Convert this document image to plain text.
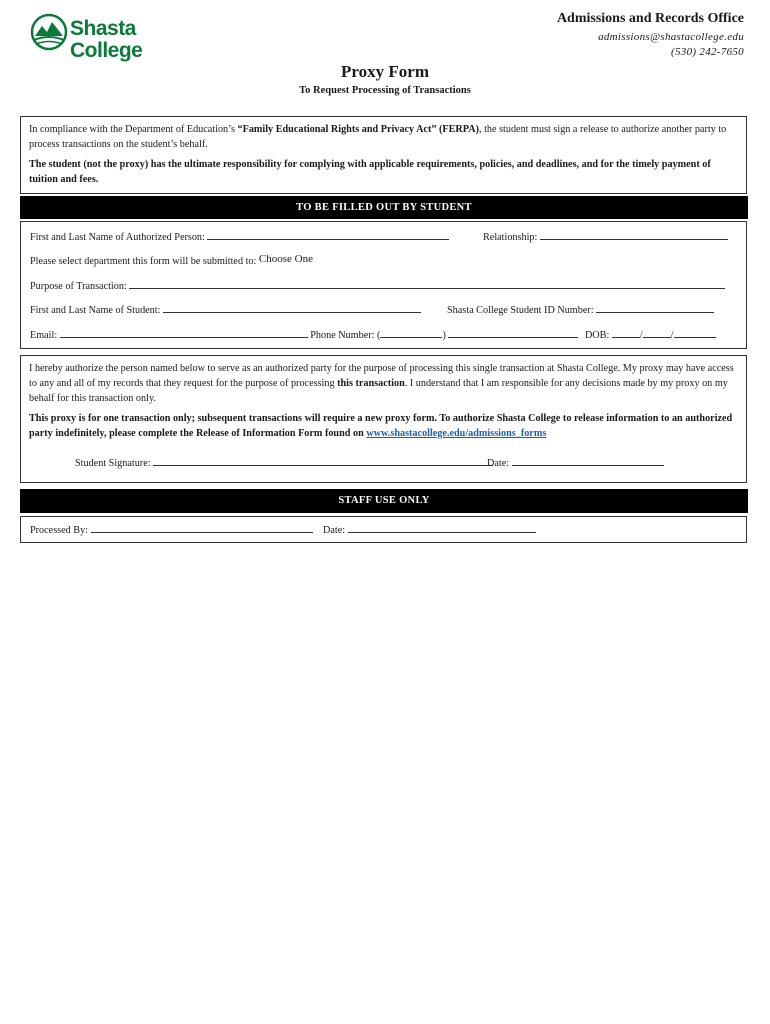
Shasta
College
Admissions and Records Office
admissions@shastacollege.edu
(530) 242-7650
Proxy Form
To Request Processing of Transactions

In compliance with the Department of Education’s “Family Educational Rights and Privacy Act” (FERPA), the student must sign a release to authorize another party to process transactions on the student’s behalf.

The student (not the proxy) has the ultimate responsibility for complying with applicable requirements, policies, and deadlines, and for the timely payment of tuition and fees.

TO BE FILLED OUT BY STUDENT
First and Last Name of Authorized Person:	Relationship:
Please select department this form will be submitted to: Choose One
Purpose of Transaction:
First and Last Name of Student:	Shasta College Student ID Number:
Email:	Phone Number: (	)	DOB:	/	/

I hereby authorize the person named below to serve as an authorized party for the purpose of processing this single transaction at Shasta College. My proxy may have access to any and all of my records that they request for the purpose of processing this transaction. I understand that I am responsible for any decisions made by my proxy on my behalf for this transaction only.

This proxy is for one transaction only; subsequent transactions will require a new proxy form. To authorize Shasta College to release information to an authorized party indefinitely, please complete the Release of Information Form found on www.shastacollege.edu/admissions_forms

Student Signature:	Date:
STAFF USE ONLY
Processed By:	Date:
